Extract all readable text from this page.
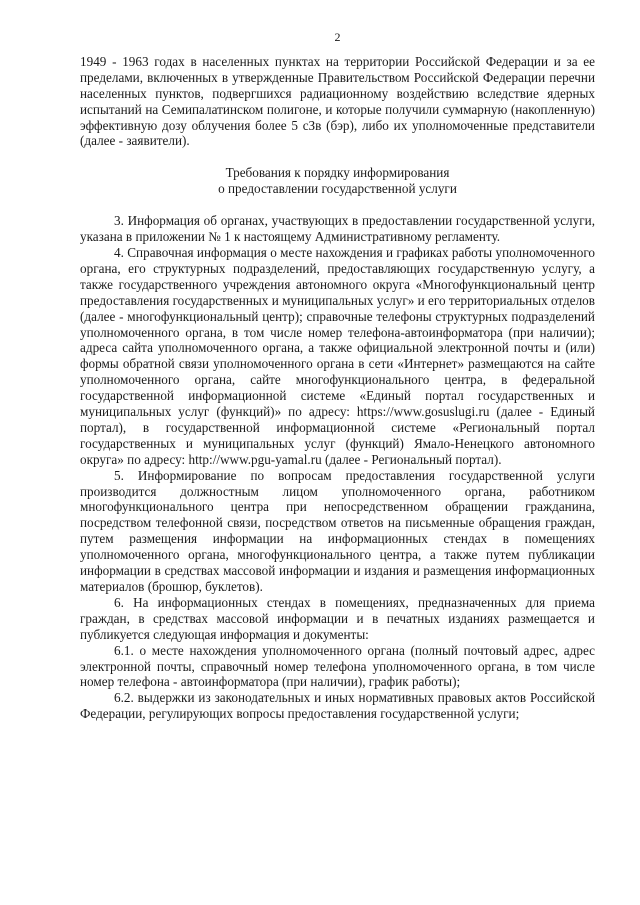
2

1949 - 1963 годах в населенных пунктах на территории Российской Федерации и за ее пределами, включенных в утвержденные Правительством Российской Федерации перечни населенных пунктов, подвергшихся радиационному воздействию вследствие ядерных испытаний на Семипалатинском полигоне, и которые получили суммарную (накопленную) эффективную дозу облучения более 5 сЗв (бэр), либо их уполномоченные представители (далее - заявители).

Требования к порядку информирования
о предоставлении государственной услуги

3. Информация об органах, участвующих в предоставлении государственной услуги, указана в приложении № 1 к настоящему Административному регламенту.

4. Справочная информация о месте нахождения и графиках работы уполномоченного органа, его структурных подразделений, предоставляющих государственную услугу, а также государственного учреждения автономного округа «Многофункциональный центр предоставления государственных и муниципальных услуг» и его территориальных отделов (далее - многофункциональный центр); справочные телефоны структурных подразделений уполномоченного органа, в том числе номер телефона-автоинформатора (при наличии); адреса сайта уполномоченного органа, а также официальной электронной почты и (или) формы обратной связи уполномоченного органа в сети «Интернет» размещаются на сайте уполномоченного органа, сайте многофункционального центра, в федеральной государственной информационной системе «Единый портал государственных и муниципальных услуг (функций)» по адресу: https://www.gosuslugi.ru (далее - Единый портал), в государственной информационной системе «Региональный портал государственных и муниципальных услуг (функций) Ямало-Ненецкого автономного округа» по адресу: http://www.pgu-yamal.ru (далее - Региональный портал).

5. Информирование по вопросам предоставления государственной услуги производится должностным лицом уполномоченного органа, работником многофункционального центра при непосредственном обращении гражданина, посредством телефонной связи, посредством ответов на письменные обращения граждан, путем размещения информации на информационных стендах в помещениях уполномоченного органа, многофункционального центра, а также путем публикации информации в средствах массовой информации и издания и размещения информационных материалов (брошюр, буклетов).

6. На информационных стендах в помещениях, предназначенных для приема граждан, в средствах массовой информации и в печатных изданиях размещается и публикуется следующая информация и документы:

6.1. о месте нахождения уполномоченного органа (полный почтовый адрес, адрес электронной почты, справочный номер телефона уполномоченного органа, в том числе номер телефона - автоинформатора (при наличии), график работы);

6.2. выдержки из законодательных и иных нормативных правовых актов Российской Федерации, регулирующих вопросы предоставления государственной услуги;
